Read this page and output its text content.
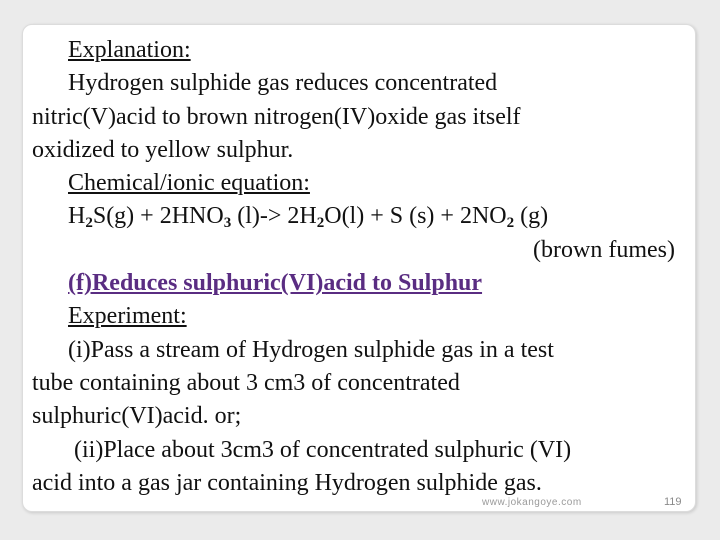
Explanation:
Hydrogen sulphide gas reduces concentrated
nitric(V)acid to brown nitrogen(IV)oxide gas itself
oxidized to yellow sulphur.
Chemical/ionic equation:
$H_2S(g) + 2HNO_3$ $(l)-> 2H_2O(l) + S$ $(s) + 2NO_2$ (g)
(brown fumes)
(f)Reduces sulphuric(VI)acid to Sulphur
Experiment:
(i)Pass a stream of Hydrogen sulphide gas in a test
tube containing about 3 cm3 of concentrated
sulphuric(VI)acid. or;
(ii)Place about 3cm3 of concentrated sulphuric (VI)
acid into a gas jar containing Hydrogen sulphide gas.
www.jokangoye.com	119
